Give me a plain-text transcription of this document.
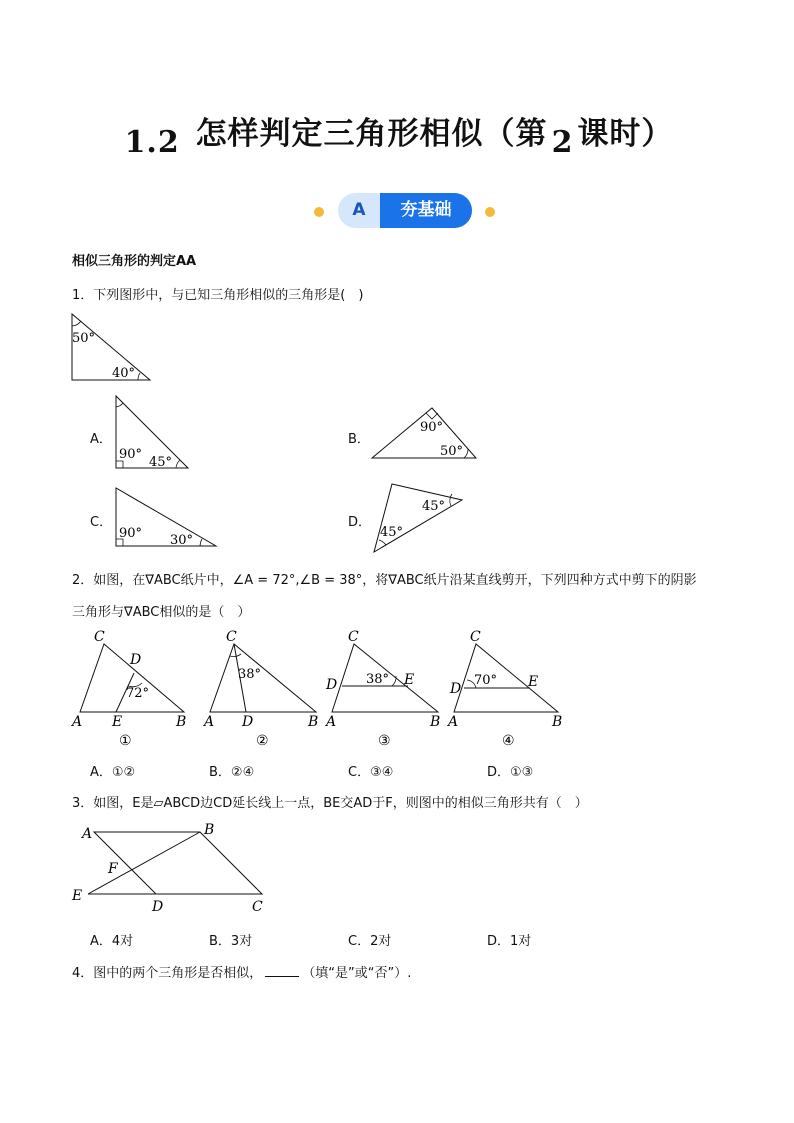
1.2 怎样判定三角形相似（第 2 课时）
A	夯基础
相似三角形的判定AA
1．下列图形中，与已知三角形相似的三角形是(　)
50°
40°
A．
90°
45°
B．
90°
50°
C．
90° 30°
D．
45°
45°
2．如图，在∇ABC纸片中，∠A = 72°,∠B = 38°，将∇ABC纸片沿某直线剪开，下列四种方式中剪下的阴影
三角形与∇ABC相似的是（　）
C
D
A E	B
72°
①
C
A D	B
38°
②
C
D	E
A	B
38°
③
C
D	E
A	B
70°
④
A．①②	B．②④	C．③④	D．①③
3．如图，E是▱ABCD边CD延长线上一点，BE交AD于F，则图中的相似三角形共有（　）
A	B
F
E
D	C
A．4对	B．3对	C．2对	D．1对
4．图中的两个三角形是否相似，	（填“是”或“否”）.
